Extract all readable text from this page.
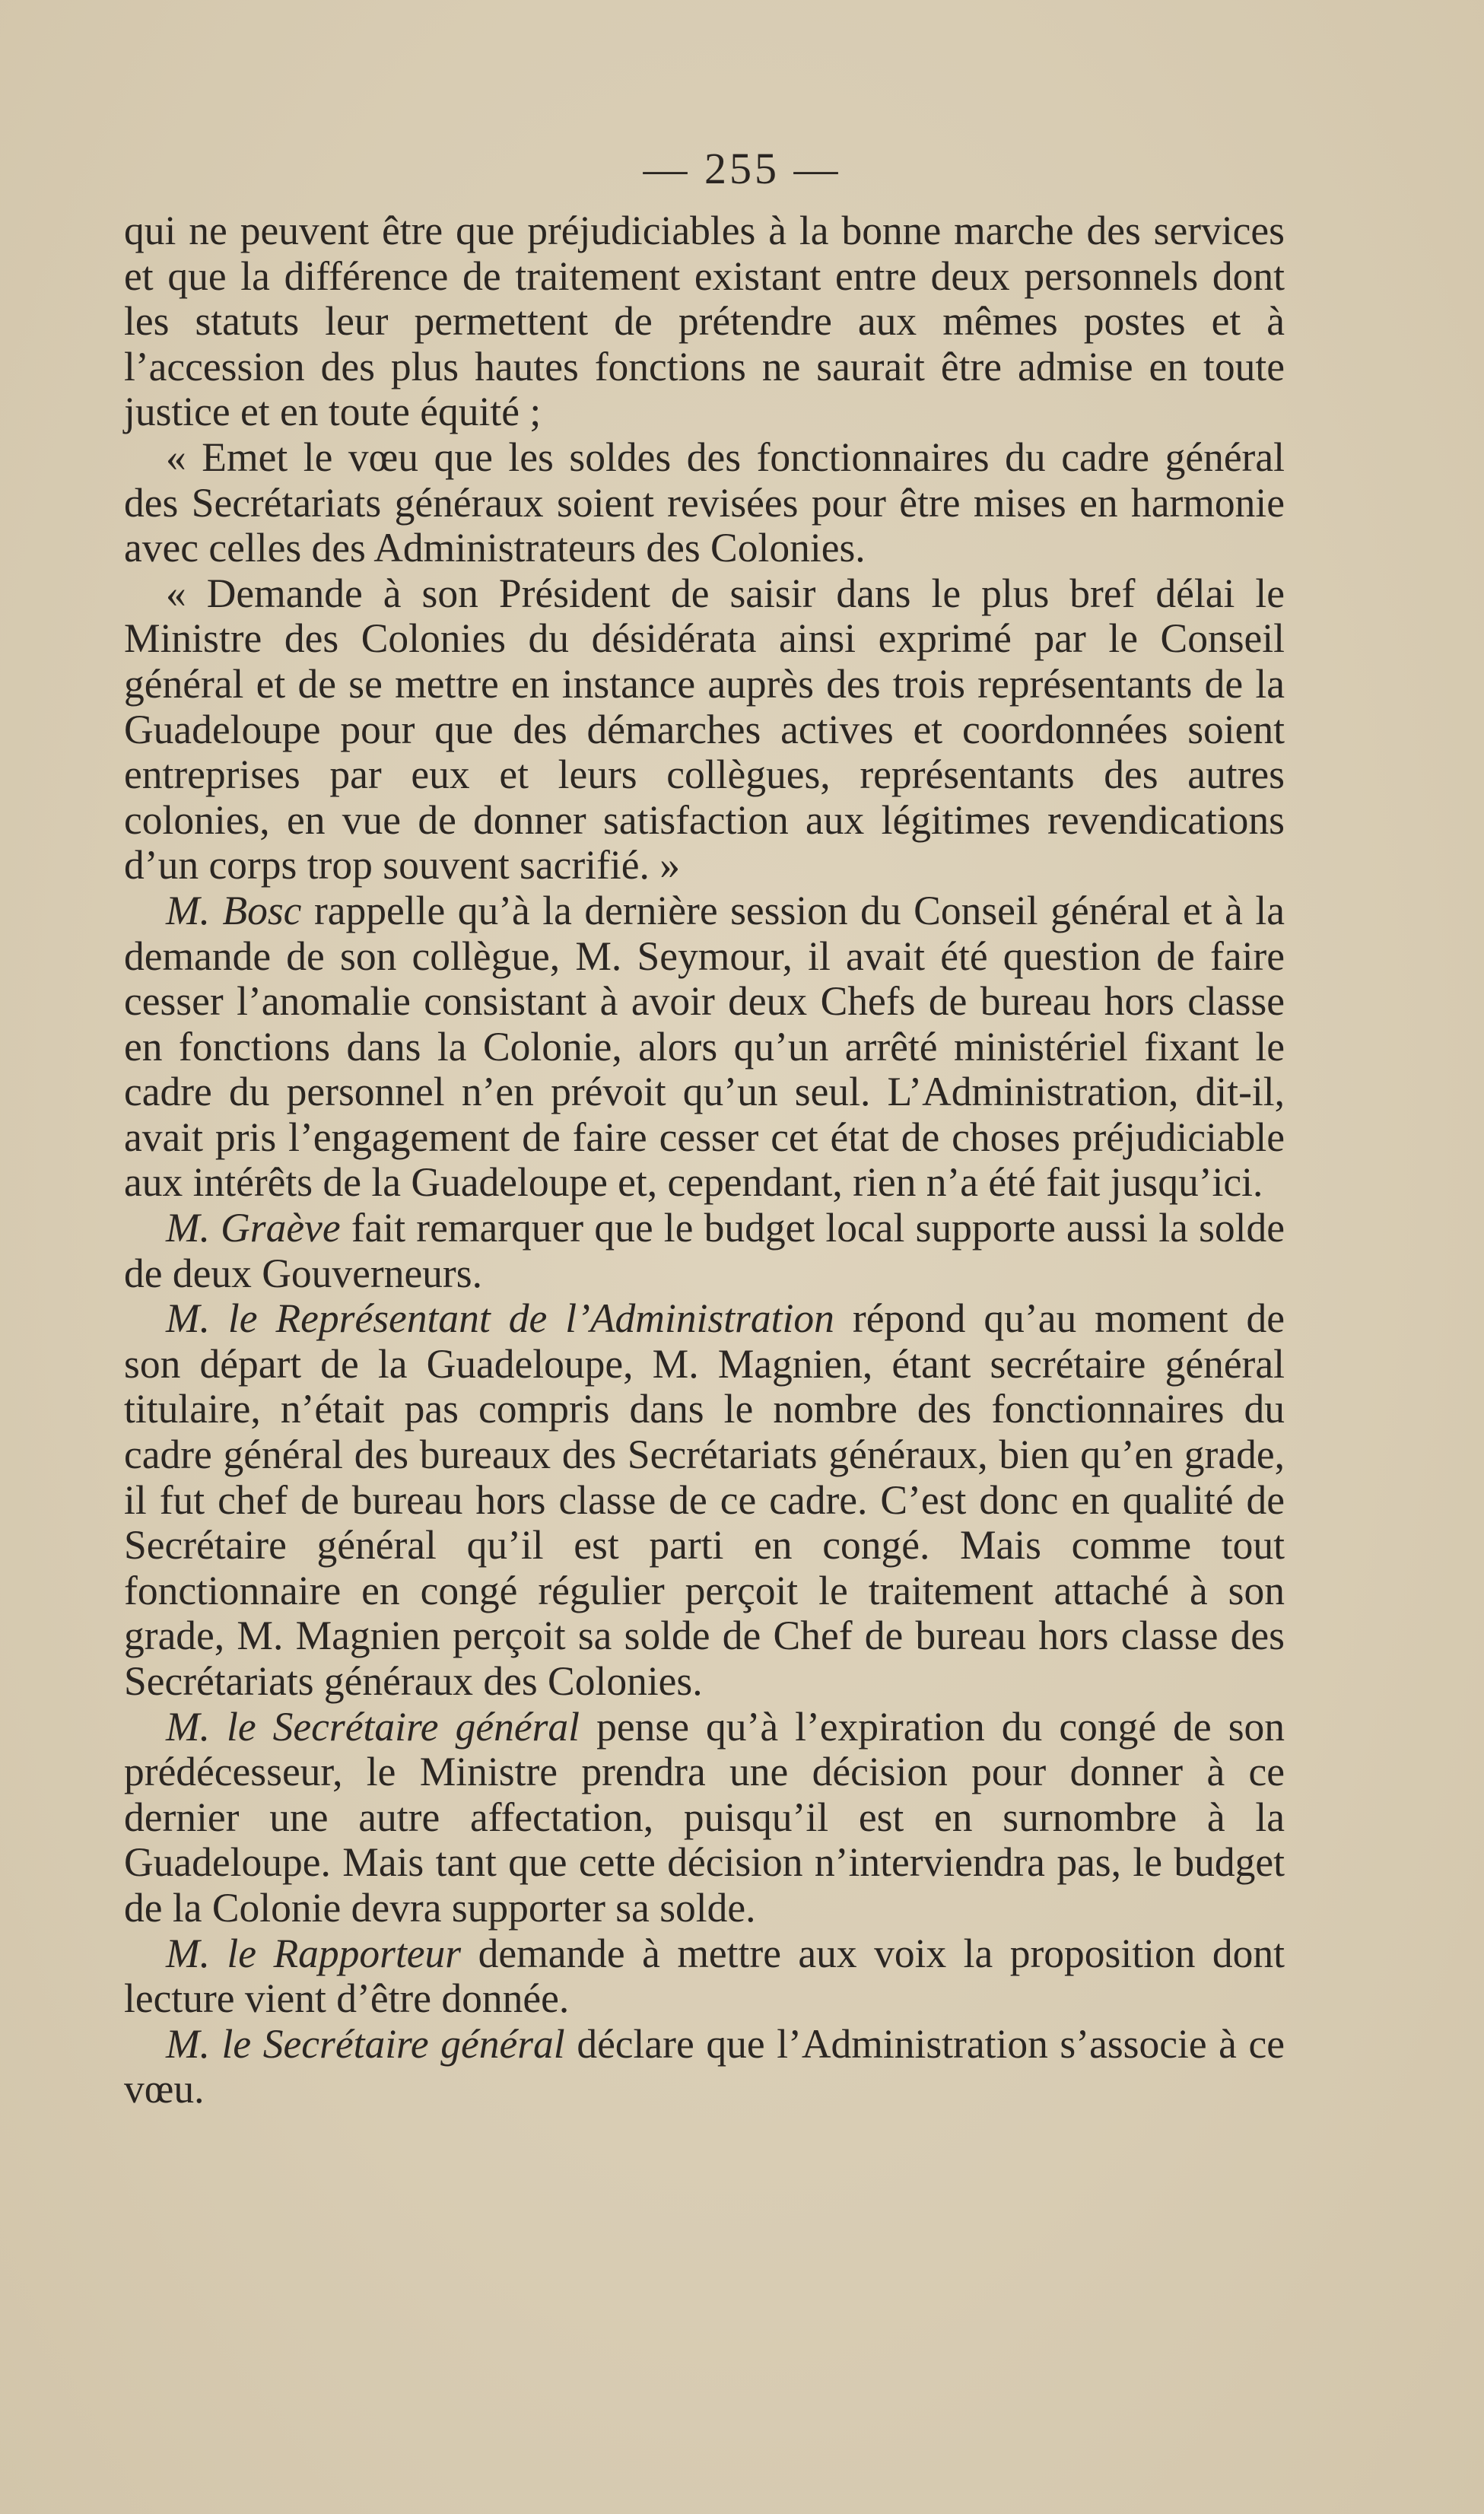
— 255 —

qui ne peuvent être que préjudiciables à la bonne marche des services et que la différence de traitement existant entre deux personnels dont les statuts leur permettent de prétendre aux mêmes postes et à l’accession des plus hautes fonctions ne saurait être admise en toute justice et en toute équité ;

« Emet le vœu que les soldes des fonctionnaires du cadre général des Secrétariats généraux soient revisées pour être mises en harmonie avec celles des Administrateurs des Colonies.

« Demande à son Président de saisir dans le plus bref délai le Ministre des Colonies du désidérata ainsi exprimé par le Conseil général et de se mettre en instance auprès des trois représentants de la Guadeloupe pour que des démarches actives et coordonnées soient entreprises par eux et leurs collègues, représentants des autres colonies, en vue de donner satisfaction aux légitimes revendications d’un corps trop souvent sacrifié. »

M. Bosc rappelle qu’à la dernière session du Conseil général et à la demande de son collègue, M. Seymour, il avait été question de faire cesser l’anomalie consistant à avoir deux Chefs de bureau hors classe en fonctions dans la Colonie, alors qu’un arrêté ministériel fixant le cadre du personnel n’en prévoit qu’un seul. L’Administration, dit-il, avait pris l’engagement de faire cesser cet état de choses préjudiciable aux intérêts de la Guadeloupe et, cependant, rien n’a été fait jusqu’ici.

M. Graève fait remarquer que le budget local supporte aussi la solde de deux Gouverneurs.

M. le Représentant de l’Administration répond qu’au moment de son départ de la Guadeloupe, M. Magnien, étant secrétaire général titulaire, n’était pas compris dans le nombre des fonctionnaires du cadre général des bureaux des Secrétariats généraux, bien qu’en grade, il fut chef de bureau hors classe de ce cadre. C’est donc en qualité de Secrétaire général qu’il est parti en congé. Mais comme tout fonctionnaire en congé régulier perçoit le traitement attaché à son grade, M. Magnien perçoit sa solde de Chef de bureau hors classe des Secrétariats généraux des Colonies.

M. le Secrétaire général pense qu’à l’expiration du congé de son prédécesseur, le Ministre prendra une décision pour donner à ce dernier une autre affectation, puisqu’il est en surnombre à la Guadeloupe. Mais tant que cette décision n’interviendra pas, le budget de la Colonie devra supporter sa solde.

M. le Rapporteur demande à mettre aux voix la proposition dont lecture vient d’être donnée.

M. le Secrétaire général déclare que l’Administration s’associe à ce vœu.
